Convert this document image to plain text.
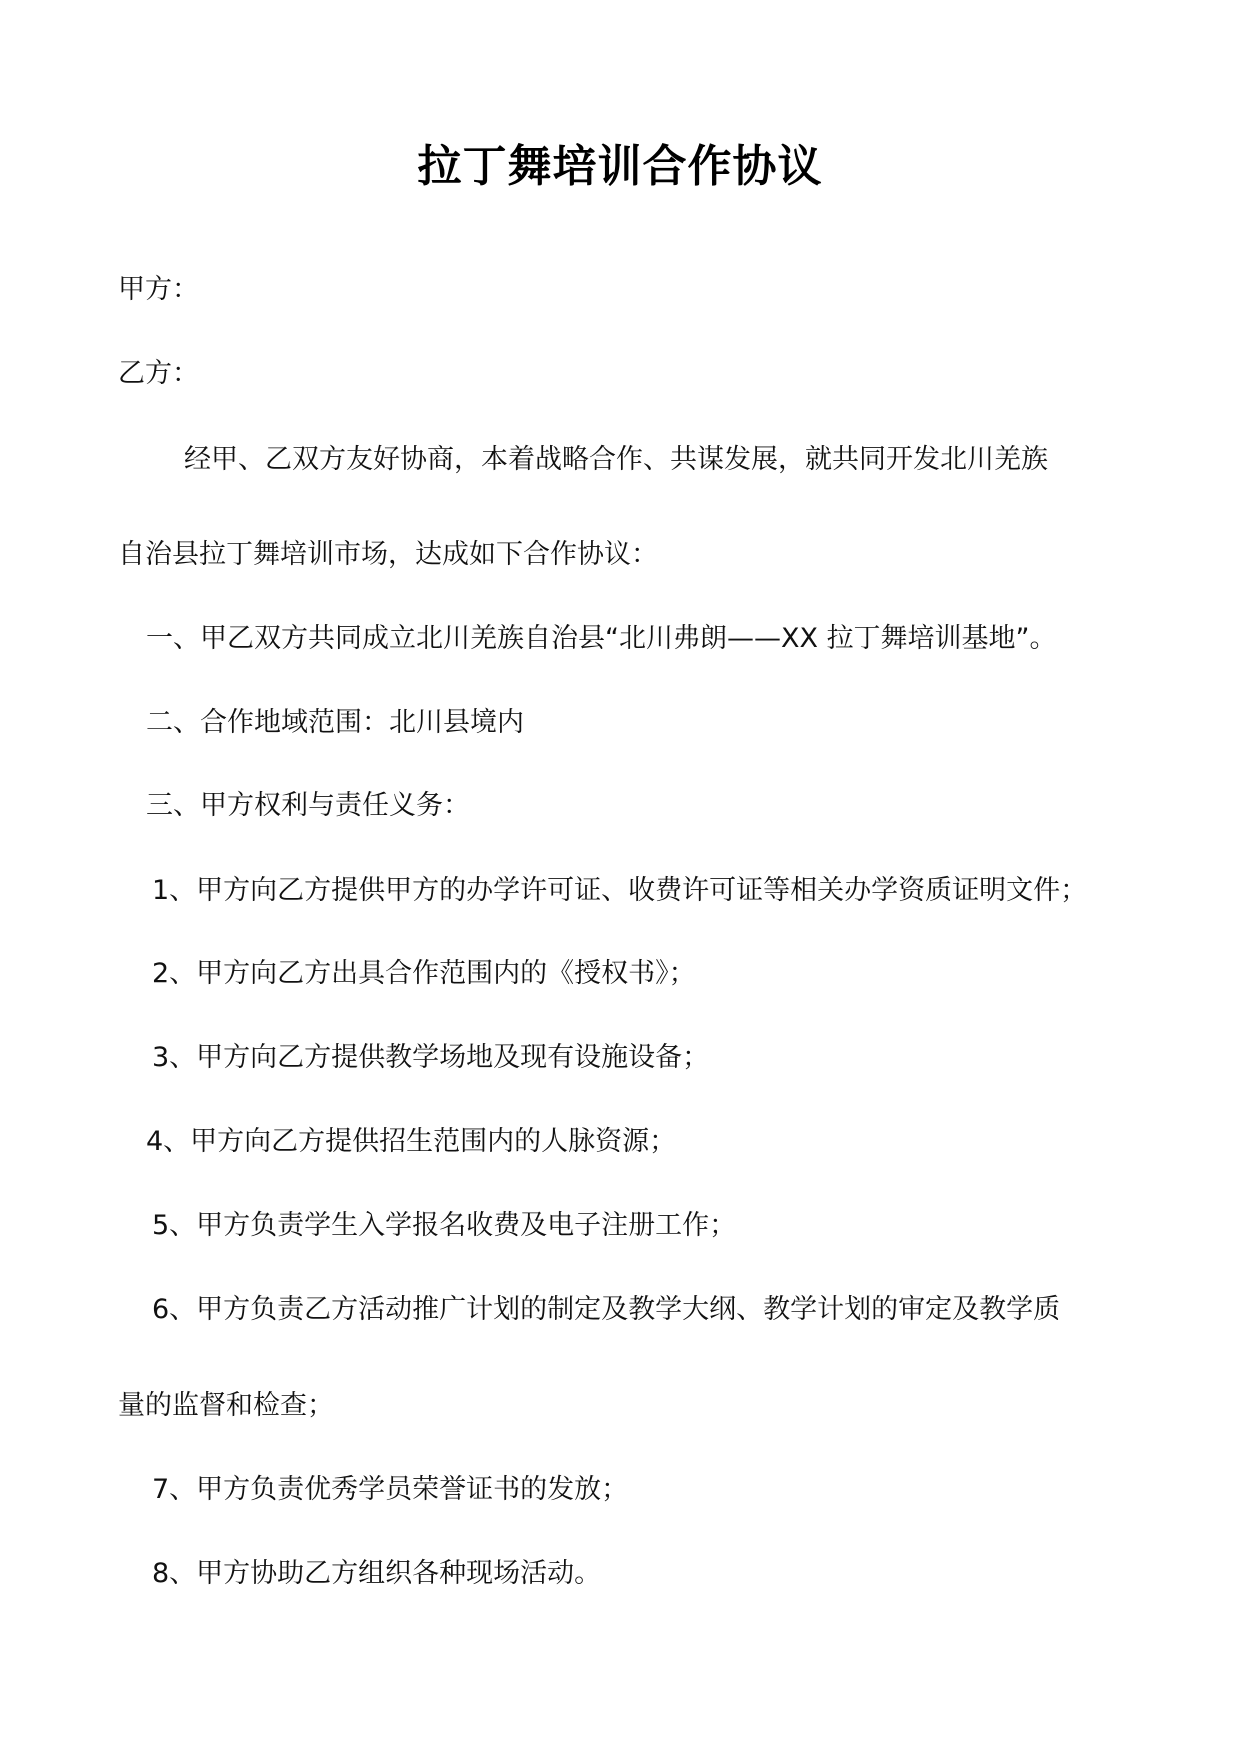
拉丁舞培训合作协议
甲方：
乙方：
经甲、乙双方友好协商，本着战略合作、共谋发展，就共同开发北川羌族
自治县拉丁舞培训市场，达成如下合作协议：
一、甲乙双方共同成立北川羌族自治县“北川弗朗——XX 拉丁舞培训基地”。
二、合作地域范围：北川县境内
三、甲方权利与责任义务：
1、甲方向乙方提供甲方的办学许可证、收费许可证等相关办学资质证明文件；
2、甲方向乙方出具合作范围内的《授权书》；
3、甲方向乙方提供教学场地及现有设施设备；
4、甲方向乙方提供招生范围内的人脉资源；
5、甲方负责学生入学报名收费及电子注册工作；
6、甲方负责乙方活动推广计划的制定及教学大纲、教学计划的审定及教学质
量的监督和检查；
7、甲方负责优秀学员荣誉证书的发放；
8、甲方协助乙方组织各种现场活动。
